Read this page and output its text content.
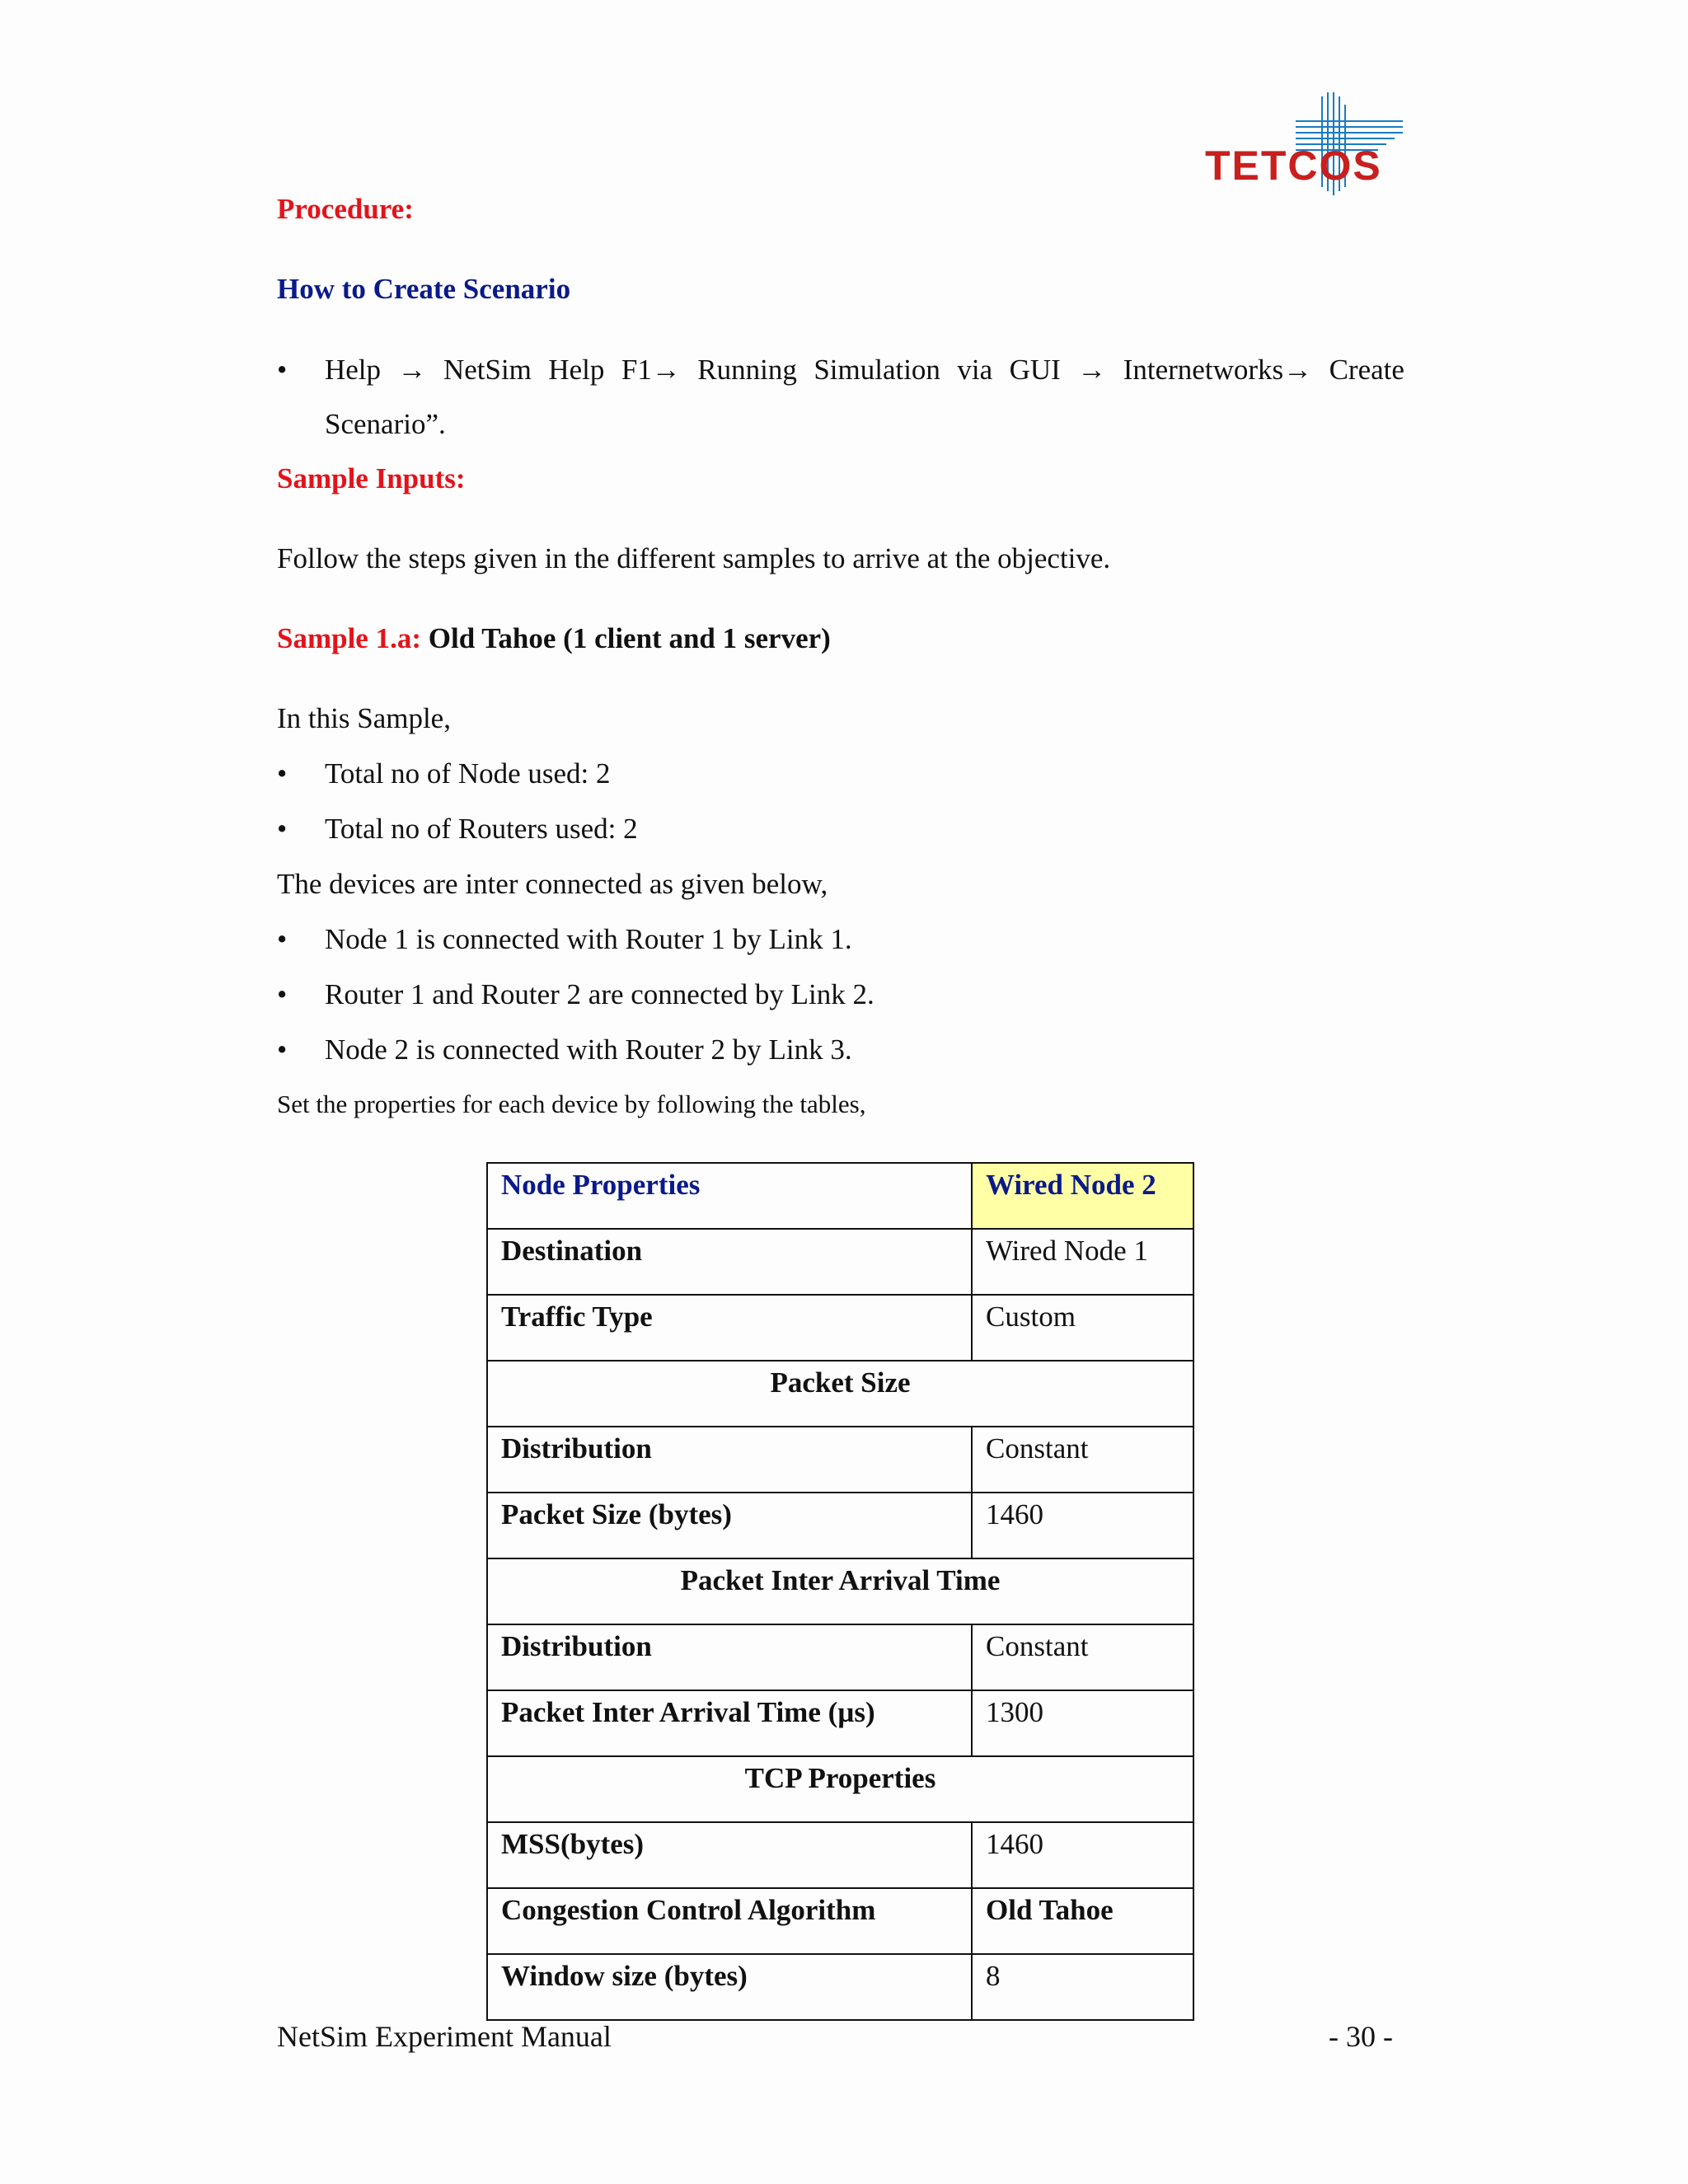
TETCOS
Procedure:
How to Create Scenario
• Help → NetSim Help F1→ Running Simulation via GUI → Internetworks→ Create
Scenario”.
Sample Inputs:
Follow the steps given in the different samples to arrive at the objective.
Sample 1.a: Old Tahoe (1 client and 1 server)
In this Sample,
• Total no of Node used: 2
• Total no of Routers used: 2
The devices are inter connected as given below,
• Node 1 is connected with Router 1 by Link 1.
• Router 1 and Router 2 are connected by Link 2.
• Node 2 is connected with Router 2 by Link 3.
Set the properties for each device by following the tables,
Node Properties	Wired Node 2
Destination	Wired Node 1
Traffic Type	Custom
Packet Size	
Distribution	Constant
Packet Size (bytes)	1460
Packet Inter Arrival Time	
Distribution	Constant
Packet Inter Arrival Time (µs)	1300
TCP Properties	
MSS(bytes)	1460
Congestion Control Algorithm	Old Tahoe
Window size (bytes)	8
NetSim Experiment Manual	- 30 -
